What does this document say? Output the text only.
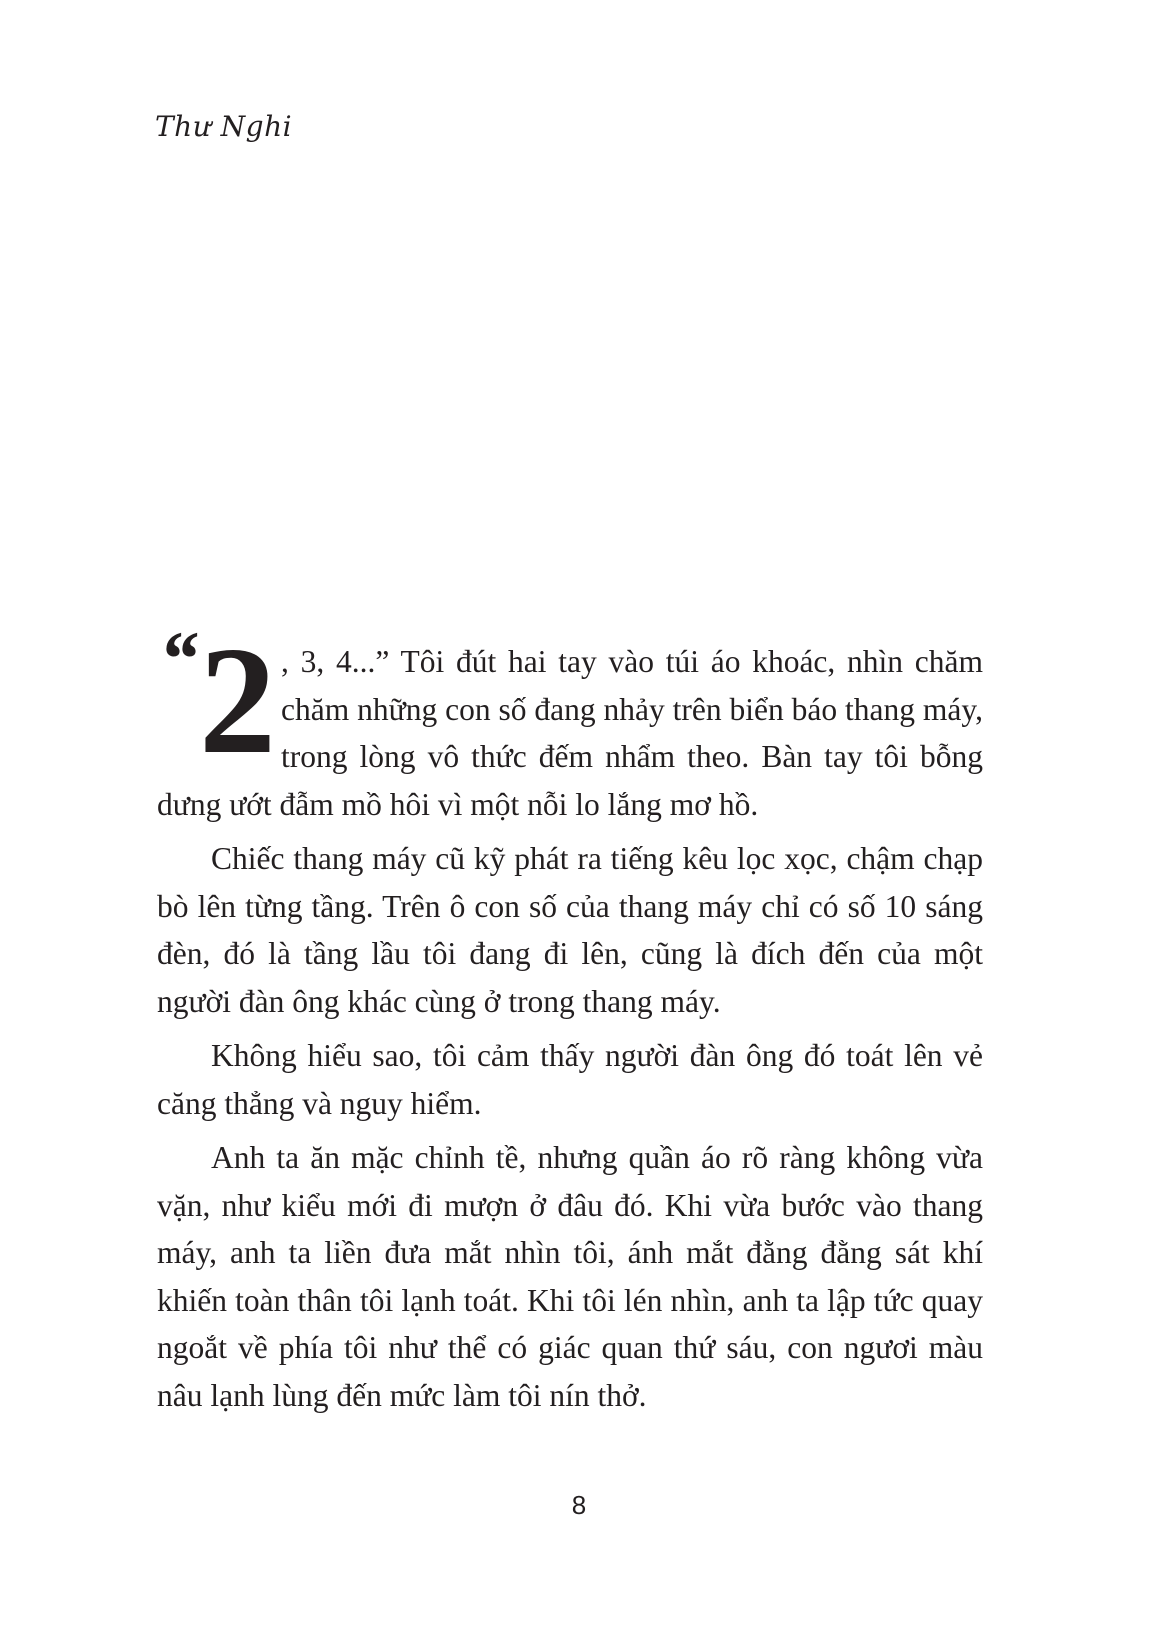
Thư Nghi

“ 2 , 3, 4...” Tôi đút hai tay vào túi áo khoác, nhìn chăm chăm những con số đang nhảy trên biển báo thang máy, trong lòng vô thức đếm nhẩm theo. Bàn tay tôi bỗng dưng ướt đẫm mồ hôi vì một nỗi lo lắng mơ hồ.

Chiếc thang máy cũ kỹ phát ra tiếng kêu lọc xọc, chậm chạp bò lên từng tầng. Trên ô con số của thang máy chỉ có số 10 sáng đèn, đó là tầng lầu tôi đang đi lên, cũng là đích đến của một người đàn ông khác cùng ở trong thang máy.

Không hiểu sao, tôi cảm thấy người đàn ông đó toát lên vẻ căng thẳng và nguy hiểm.

Anh ta ăn mặc chỉnh tề, nhưng quần áo rõ ràng không vừa vặn, như kiểu mới đi mượn ở đâu đó. Khi vừa bước vào thang máy, anh ta liền đưa mắt nhìn tôi, ánh mắt đằng đằng sát khí khiến toàn thân tôi lạnh toát. Khi tôi lén nhìn, anh ta lập tức quay ngoắt về phía tôi như thể có giác quan thứ sáu, con ngươi màu nâu lạnh lùng đến mức làm tôi nín thở.

8
